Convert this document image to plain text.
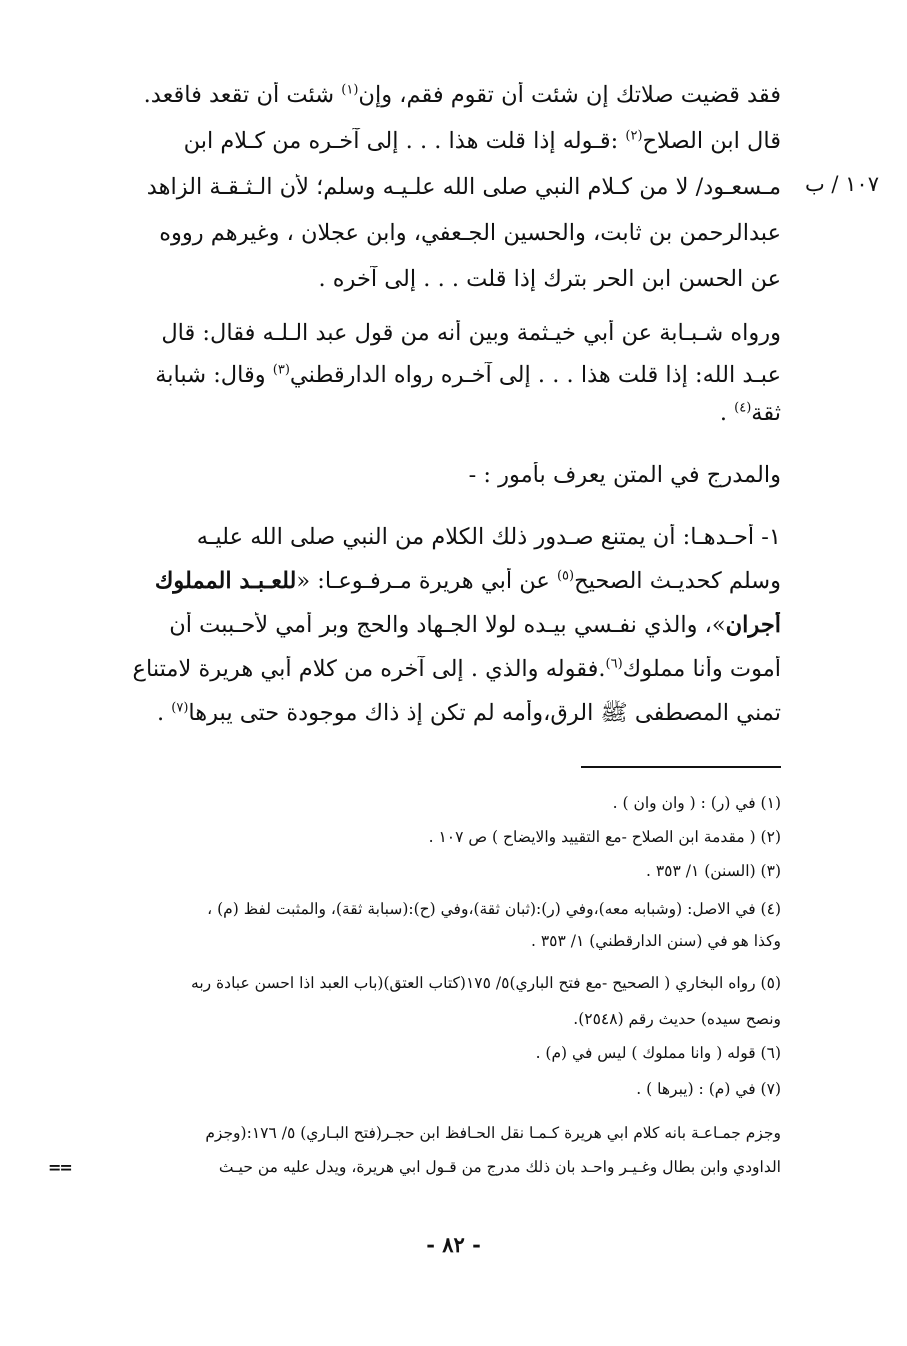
١٠٧ / ب
فقد قضيت صلاتك إن شئت أن تقوم فقم، وإن$^{(١)}$ شئت أن تقعد فاقعد.
قال ابن الصلاح$^{(٢)}$ :قـوله إذا قلت هذا . . . إلى آخـره من كـلام ابن
مـسعـود/ لا من كـلام النبي صلى الله علـيـه وسلم؛ لأن الـثـقـة الزاهد
عبدالرحمن بن ثابت، والحسين الجـعفي، وابن عجلان ، وغيرهم رووه
عن الحسن ابن الحر بترك إذا قلت . . . إلى آخره .
ورواه شـبـابة عن أبي خيـثمة وبين أنه من قول عبد الـلـه فقال: قال
عبـد الله: إذا قلت هذا . . . إلى آخـره رواه الدارقطني$^{(٣)}$ وقال: شبابة
ثقة$^{(٤)}$ .
والمدرج في المتن يعرف بأمور : -
١- أحـدهـا: أن يمتنع صـدور ذلك الكلام من النبي صلى الله عليـه
وسلم كحديـث الصحيح$^{(٥)}$ عن أبي هريرة مـرفـوعـا: «للعـبـد المملوك
أجران»، والذي نفـسي بيـده لولا الجـهاد والحج وبر أمي لأحـببت أن
أموت وأنا مملوك$^{(٦)}$.فقوله والذي . إلى آخره من كلام أبي هريرة لامتناع
تمني المصطفى ﷺ الرق،وأمه لم تكن إذ ذاك موجودة حتى يبرها$^{(٧)}$ .
(١) في (ر) : ( وان وان ) .
(٢) ( مقدمة ابن الصلاح -مع التقييد والايضاح ) ص ١٠٧ .
(٣) (السنن) ١/ ٣٥٣ .
(٤) في الاصل: (وشبابه معه)،وفي (ر):(ثبان ثقة)،وفي (ح):(سبابة ثقة)، والمثبت لفظ (م) ،
وكذا هو في (سنن الدارقطني) ١/ ٣٥٣ .
(٥) رواه البخاري ( الصحيح -مع فتح الباري)٥/ ١٧٥(كتاب العتق)(باب العبد اذا احسن عبادة ربه
ونصح سيده) حديث رقم (٢٥٤٨).
(٦) قوله ( وانا مملوك ) ليس في (م) .
(٧) في (م) : (يبرها ) .
وجزم جمـاعـة بانه كلام ابي هريرة كـمـا نقل الحـافظ ابن حجـر(فتح البـاري) ٥/ ١٧٦:(وجزم
الداودي وابن بطال وغـيـر واحـد بان ذلك مدرج من قـول ابي هريرة، ويدل عليه من حيـث
==
- ٨٢ -
